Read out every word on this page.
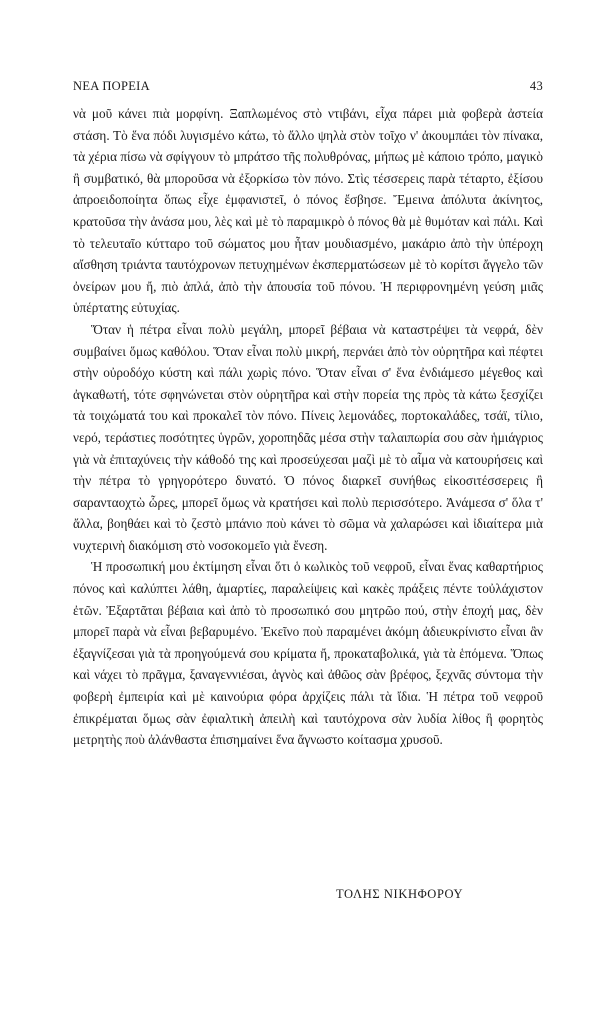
ΝΕΑ ΠΟΡΕΙΑ	43

νὰ μοῦ κάνει πιὰ μορφίνη. Ξαπλωμένος στὸ ντιβάνι, εἶχα πάρει μιὰ φοβερὰ ἀστεία στάση. Τὸ ἕνα πόδι λυγισμένο κάτω, τὸ ἄλλο ψηλὰ στὸν τοῖχο ν' ἀκουμπάει τὸν πίνακα, τὰ χέρια πίσω νὰ σφίγγουν τὸ μπράτσο τῆς πολυθρόνας, μήπως μὲ κάποιο τρόπο, μαγικὸ ἢ συμβατικό, θὰ μποροῦσα νὰ ἐξορκίσω τὸν πόνο. Στὶς τέσσερεις παρὰ τέταρτο, ἐξίσου ἀπροειδοποίητα ὅπως εἶχε ἐμφανιστεῖ, ὁ πόνος ἔσβησε. Ἔμεινα ἀπόλυτα ἀκίνητος, κρατοῦσα τὴν ἀνάσα μου, λὲς καὶ μὲ τὸ παραμικρὸ ὁ πόνος θὰ μὲ θυμόταν καὶ πάλι. Καὶ τὸ τελευταῖο κύτταρο τοῦ σώματος μου ἦταν μουδιασμένο, μακάριο ἀπὸ τὴν ὑπέροχη αἴσθηση τριάντα ταυτόχρονων πετυχημένων ἐκσπερματώσεων μὲ τὸ κορίτσι ἄγγελο τῶν ὀνείρων μου ἤ, πιὸ ἁπλά, ἀπὸ τὴν ἀπουσία τοῦ πόνου. Ἡ περιφρονημένη γεύση μιᾶς ὑπέρτατης εὐτυχίας.

Ὅταν ἡ πέτρα εἶναι πολὺ μεγάλη, μπορεῖ βέβαια νὰ καταστρέψει τὰ νεφρά, δὲν συμβαίνει ὅμως καθόλου. Ὅταν εἶναι πολὺ μικρή, περνάει ἀπὸ τὸν οὐρητῆρα καὶ πέφτει στὴν οὐροδόχο κύστη καὶ πάλι χωρὶς πόνο. Ὅταν εἶναι σ' ἕνα ἐνδιάμεσο μέγεθος καὶ ἀγκαθωτή, τότε σφηνώνεται στὸν οὐρητῆρα καὶ στὴν πορεία της πρὸς τὰ κάτω ξεσχίζει τὰ τοιχώματά του καὶ προκαλεῖ τὸν πόνο. Πίνεις λεμονάδες, πορτοκαλάδες, τσάϊ, τίλιο, νερό, τεράστιες ποσότητες ὑγρῶν, χοροπηδᾶς μέσα στὴν ταλαιπωρία σου σὰν ἡμιάγριος γιὰ νὰ ἐπιταχύνεις τὴν κάθοδό της καὶ προσεύχεσαι μαζὶ μὲ τὸ αἷμα νὰ κατουρήσεις καὶ τὴν πέτρα τὸ γρηγορότερο δυνατό. Ὁ πόνος διαρκεῖ συνήθως εἰκοσιτέσσερεις ἢ σαρανταοχτὼ ὧρες, μπορεῖ ὅμως νὰ κρατήσει καὶ πολὺ περισσότερο. Ἀνάμεσα σ' ὅλα τ' ἄλλα, βοηθάει καὶ τὸ ζεστὸ μπάνιο ποὺ κάνει τὸ σῶμα νὰ χαλαρώσει καὶ ἰδιαίτερα μιὰ νυχτερινὴ διακόμιση στὸ νοσοκομεῖο γιὰ ἔνεση.

Ἡ προσωπική μου ἐκτίμηση εἶναι ὅτι ὁ κωλικὸς τοῦ νεφροῦ, εἶναι ἕνας καθαρτήριος πόνος καὶ καλύπτει λάθη, ἁμαρτίες, παραλείψεις καὶ κακὲς πράξεις πέντε τοὐλάχιστον ἐτῶν. Ἐξαρτᾶται βέβαια καὶ ἀπὸ τὸ προσωπικό σου μητρῶο πού, στὴν ἐποχή μας, δὲν μπορεῖ παρὰ νὰ εἶναι βεβαρυμένο. Ἐκεῖνο ποὺ παραμένει ἀκόμη ἀδιευκρίνιστο εἶναι ἂν ἐξαγνίζεσαι γιὰ τὰ προηγούμενά σου κρίματα ἤ, προκαταβολικά, γιὰ τὰ ἑπόμενα. Ὅπως καὶ νάχει τὸ πρᾶγμα, ξαναγεννιέσαι, ἁγνὸς καὶ ἀθῶος σὰν βρέφος, ξεχνᾶς σύντομα τὴν φοβερὴ ἐμπειρία καὶ μὲ καινούρια φόρα ἀρχίζεις πάλι τὰ ἴδια. Ἡ πέτρα τοῦ νεφροῦ ἐπικρέμαται ὅμως σὰν ἐφιαλτικὴ ἀπειλὴ καὶ ταυτόχρονα σὰν λυδία λίθος ἢ φορητὸς μετρητὴς ποὺ ἀλάνθαστα ἐπισημαίνει ἕνα ἄγνωστο κοίτασμα χρυσοῦ.

ΤΟΛΗΣ ΝΙΚΗΦΟΡΟΥ
